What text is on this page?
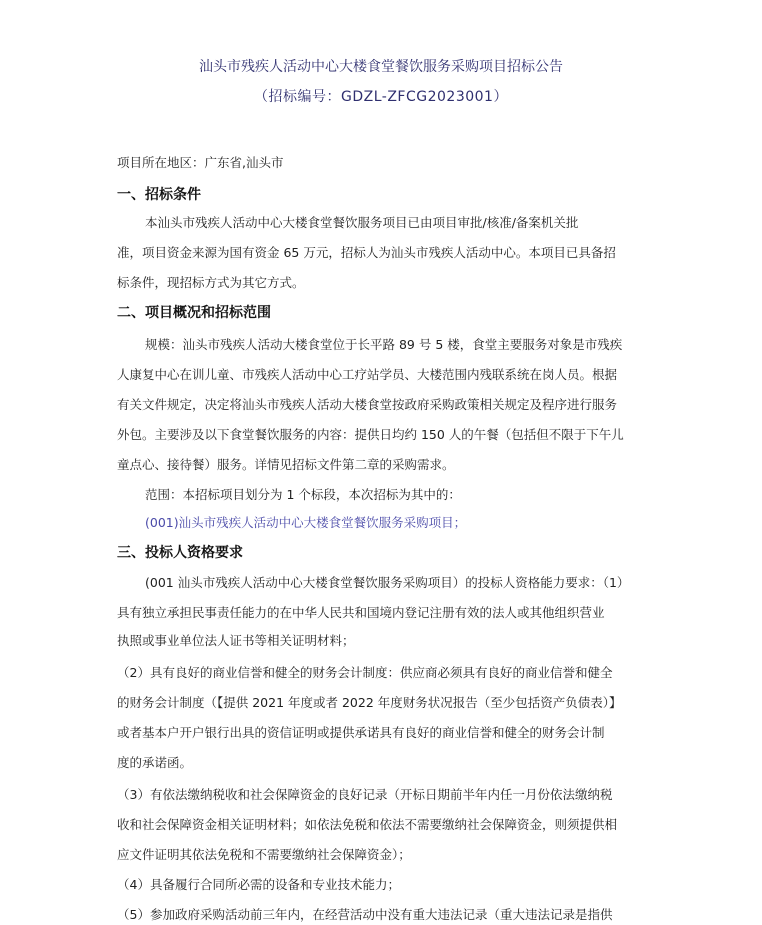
汕头市残疾人活动中心大楼食堂餐饮服务采购项目招标公告
（招标编号：GDZL-ZFCG2023001）
项目所在地区：广东省,汕头市
一、招标条件
本汕头市残疾人活动中心大楼食堂餐饮服务项目已由项目审批/核准/备案机关批
准，项目资金来源为国有资金 65 万元，招标人为汕头市残疾人活动中心。本项目已具备招
标条件，现招标方式为其它方式。
二、项目概况和招标范围
规模：汕头市残疾人活动大楼食堂位于长平路 89 号 5 楼，食堂主要服务对象是市残疾
人康复中心在训儿童、市残疾人活动中心工疗站学员、大楼范围内残联系统在岗人员。根据
有关文件规定，决定将汕头市残疾人活动大楼食堂按政府采购政策相关规定及程序进行服务
外包。主要涉及以下食堂餐饮服务的内容：提供日均约 150 人的午餐（包括但不限于下午儿
童点心、接待餐）服务。详情见招标文件第二章的采购需求。
范围：本招标项目划分为 1 个标段，本次招标为其中的：
(001)汕头市残疾人活动中心大楼食堂餐饮服务采购项目；
三、投标人资格要求
(001 汕头市残疾人活动中心大楼食堂餐饮服务采购项目）的投标人资格能力要求：（1）
具有独立承担民事责任能力的在中华人民共和国境内登记注册有效的法人或其他组织营业
执照或事业单位法人证书等相关证明材料；
（2）具有良好的商业信誉和健全的财务会计制度：供应商必须具有良好的商业信誉和健全
的财务会计制度（【提供 2021 年度或者 2022 年度财务状况报告（至少包括资产负债表）】
或者基本户开户银行出具的资信证明或提供承诺具有良好的商业信誉和健全的财务会计制
度的承诺函。
（3）有依法缴纳税收和社会保障资金的良好记录（开标日期前半年内任一月份依法缴纳税
收和社会保障资金相关证明材料；如依法免税和依法不需要缴纳社会保障资金，则须提供相
应文件证明其依法免税和不需要缴纳社会保障资金）；
（4）具备履行合同所必需的设备和专业技术能力；
（5）参加政府采购活动前三年内，在经营活动中没有重大违法记录（重大违法记录是指供
